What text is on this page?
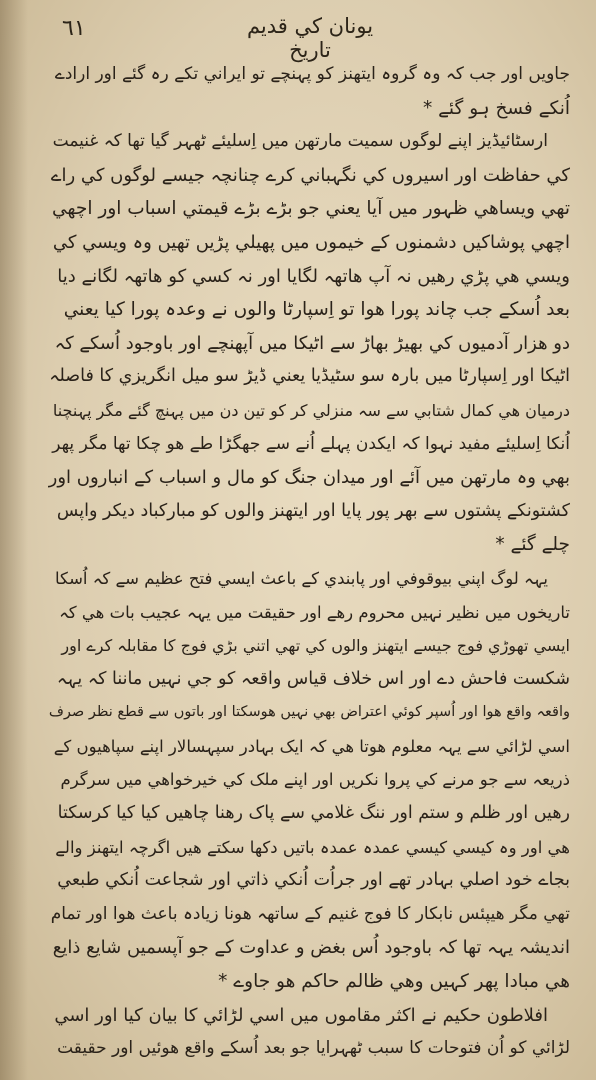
یونان کي قدیم تاریخ
٦١
جاویں اور جب کہ وہ گروہ ایتھنز کو پہنچے تو ایراني تکے رہ گئے اور ارادے
اُنکے فسخ ہو گئے *
ارسٹائیڈیز اپنے لوگوں سمیت مارتھن میں اِسلیئے ٹھہر گیا تھا کہ غنیمت
کي حفاظت اور اسیروں کي نگہباني کرے چنانچہ جیسے لوگوں کي راے
تھي ویساھي ظہور میں آیا یعني جو بڑے بڑے قیمتي اسباب اور اچھي
اچھي پوشاکیں دشمنوں کے خیموں میں پھیلي پڑیں تھیں وہ ویسي کي
ویسي هي پڑي رهیں نہ آپ هاتھہ لگایا اور نہ کسي کو هاتھہ لگانے دیا
بعد اُسکے جب چاند پورا هوا تو اِسپارٹا والوں نے وعدہ پورا کیا یعني
دو هزار آدمیوں کي بھیڑ بھاڑ سے اٹیکا میں آپھنچے اور باوجود اُسکے کہ
اٹیکا اور اِسپارٹا میں بارہ سو سٹیڈیا یعني ڈیڑ سو میل انگریزي کا فاصلہ
درمیان هي کمال شتابي سے سہ منزلي کر کو تین دن میں پہنچ گئے مگر پہنچنا
اُنکا اِسلیئے مفید نہوا کہ ایکدن پہلے اُنے سے جھگڑا طے هو چکا تھا مگر پھر
بھي وہ مارتھن میں آئے اور میدان جنگ کو مال و اسباب کے انباروں اور
کشتونکے پشتوں سے بھر پور پایا اور ایتھنز والوں کو مبارکباد دیکر واپس
چلے گئے *
یہہ لوگ اپني بیوقوفي اور پابندي کے باعث ایسي فتح عظیم سے کہ اُسکا
تاریخوں میں نظیر نہیں محروم رهے اور حقیقت میں یہہ عجیب بات هي کہ
ایسي تھوڑي فوج جیسے ایتھنز والوں کي تھي اتني بڑي فوج کا مقابلہ کرے اور
شکست فاحش دے اور اس خلاف قیاس واقعہ کو جي نہیں ماننا کہ یہہ
واقعہ واقع هوا اور اُسپر کوئي اعتراض بھي نہیں هوسکتا اور باتوں سے قطع نظر صرف
اسي لڑائي سے یہہ معلوم هوتا هي کہ ایک بہادر سپہسالار اپنے سپاهیوں کے
ذریعہ سے جو مرنے کي پروا نکریں اور اپنے ملک کي خیرخواهي میں سرگرم
رهیں اور ظلم و ستم اور ننگ غلامي سے پاک رهنا چاهیں کیا کیا کرسکتا
هي اور وہ کیسي کیسي عمدہ عمدہ باتیں دکھا سکتے هیں اگرچہ ایتھنز والے
بجاے خود اصلي بہادر تھے اور جراُت اُنکي ذاتي اور شجاعت اُنکي طبعي
تھي مگر هیپئس نابکار کا فوج غنیم کے ساتھہ هونا زیادہ باعث هوا اور تمام
اندیشہ یہہ تھا کہ باوجود اُس بغض و عداوت کے جو آپسمیں شایع ذایع
هي مبادا پھر کہیں وهي ظالم حاکم هو جاوے *
افلاطون حکیم نے اکثر مقاموں میں اسي لڑائي کا بیان کیا اور اسي
لڑائي کو اُن فتوحات کا سبب ٹھہرایا جو بعد اُسکے واقع هوئیں اور حقیقت
